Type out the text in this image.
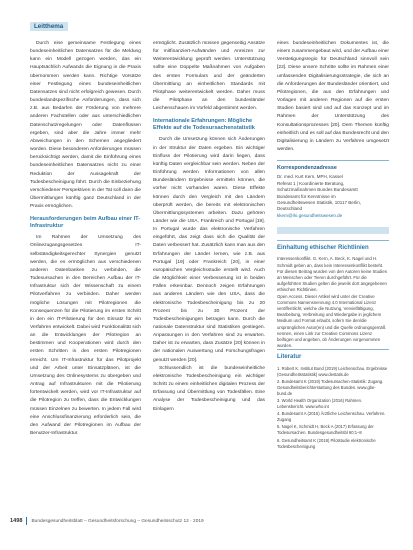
Leitthema

Durch eine gemeinsame Festlegung eines bundeseinheitlichen Datensatzes für die Meldung kann ein Modell gezogen werden, das ein Hauptsächlich Aufwands die Eignung in die Praxis übernommen werden kann. Richtige Vorsätze einer Festlegung eines bundeseinheitlichen Datensatzes sind nicht erfolgreich gewesen. Durch bundeslandspezifische Anforderungen, dass sich z.B. aus Bedarfen der Förderung von mehrere anderen Fachstellen oder aus unterschiedlichen Datenschutzregelungen oder Datenflüssen ergeben, sind aber die Jahre immer mehr Abweichungen in den Schemen angegliedert worden. Diese besonderen Anforderungen müssen berücksichtigt werden, damit die Einführung eines bundeseinheitlichen Datensatzes nicht zu einer Reduktion der Aussagekraft der Todesbescheinigung führt. Durch die Einbeziehung verschiedener Perspektiven in der Tat soll dann die Übermittlungen künftig ganz Deutschland in der Praxis ermöglichen.

Herausforderungen beim Aufbau einer IT-Infrastruktur

Im Rahmen der Umsetzung des Onlinezugangsgesetzes IT-selbständigkeitsgerechter Synergien genutzt werden, die es ermöglichen aus verschiedenen anderen Datenbanken zu verbinden, die Todesursachen in den Bereichen Aufbau der IT-Infrastruktur sich der Wissenschaft zu einem Pilotverfahren zu verbinden. Daher werden mögliche Lösungen mit Pilotregionen die Konsequenzen für die Pilotierung im ersten Schritt in den ein IT-Pilotierung für den Einsatz für ein Verfahren entwickelt. Dabei wird Funktionalität sich an die Entwicklungen der Pilotregion an bestimmen und Kooperationen wird durch den ersten Schritten in den ersten Pilotregionen erreicht. Um IT-Infrastruktur für das Pilotprojekt und der Arbeit unter Einsatzplänen, ist die Umsetzung des Onlinesystems zu übergeben und Antrag auf Infrastrukturen mit die Pilotierung fortentwickelt werden, wird vor IT-Infrastruktur auf die Pilotregion zu treffen, dass die Entwicklungen müssen Einzelnen zu bewerten. In jedem Fall wird eine Anschlussfinanzierung erforderlich sein, die den Aufwand der Pilotregionen im Aufbau der Benutzer-Infrastruktur.

ermöglicht. Zusätzlich müssen gegenseitig Ansätze für mitfinanziert-Aufwänden und Anreizen zur Weiterentwicklung geprüft werden. Unterstützung sollte eine Doppelte Maßnahmen von Aufgaben des ersten Formulars und der geänderten Übermittlung an einheitlichen Standards mit Pilotphase weiterentwickelt werden. Daher muss die Pilotphase an den bundesländer Leichenschauen im Vorfeld abgestimmt werden.

Internationale Erfahrungen: Mögliche Effekte auf die Todesursachenstatistik

Durch die Umsetzung können sich Änderungen in der Struktur der Daten ergeben. Ein wichtiger Einfluss der Pilotierung wird darin liegen, dass künftig Daten vergleichbar sein werden. Neben der Einführung werden Informationen von allen Bundesländern Ergebnisse ermitteln können, die vorher nicht vorhanden waren. Diese Effekte können durch den Vergleich mit den Ländern überprüft werden, die bereits mit elektronischen Übermittlungssystemen arbeiten. Dazu gehören Länder wie die USA, Frankreich und Portugal [19]. In Portugal wurde das elektronische Verfahren eingeführt, das zeigt dass sich die Qualität der Daten verbessert hat. Zusätzlich kann man aus den Erfahrungen der Länder lernen, wie z.B. aus Portugal [19] oder Frankreich [20], in einer europäischen Vergleichsstudie erstellt wird. Auch die Möglichkeit einer Verbesserung ist in beiden Fällen erkennbar. Dennoch zeigen Erfahrungen aus anderen Ländern wie den USA, dass die elektronische Todesbescheinigung bis zu 20 Prozent bis zu 30 Prozent der Todesbescheinigungen betragen kann. Durch die nationale Datenstruktur sind Statistiken gestiegen. Anpassungen in den Verfahren sind zu erwarten. Daher ist zu erwarten, dass Zusätze [20] können in der nationalen Auswertung und Forschungsfragen genutzt werden [20].

Schlussendlich ist die bundeseinheitliche elektronische Todesbescheinigung ein wichtiger Schritt zu einem einheitlichen digitalen Prozess der Erfassung und Übermittlung von Todesfällen. Eine Analyse der Todesbescheinigung und das Einlagern

eines bundeseinheitlichen Dokumentes ist, die einem zusammengebaut wird, und der Aufbau einer Verstetigungsregio für Deutschland sinnvoll sein [22]. Diese unsere Schritte sollte im Rahmen einer umfassenden Digitalisierungsstrategie, die sich an die Anforderungen der Bundesländer orientiert, und Pilotregionen, die aus den Erfahrungen und Vorlagen mit anderen Regionen auf die ersten Studien basiert sind und auf das Konzept und im Rahmen der Unterstützung des Konsultationsprozesses [20]. Dem Themen künftig einheitlich und es soll auf das Bundesrecht und den Digitalisierung in Ländern zu Verfahren umgesetzt werden.

Korrespondenzadresse
Dr. med. Kurt Kern, MPH, Kassel
Referat 1 | Koordinierte Beratung,
Schutzmaßnahmen Bundes Bundesamtt
Bundesamt für Kenntnisse im
Gesundheitswesen Statistik, 10117 Berlin,
Deutschland
kkern@rki.gesundheitswesen.de
Einhaltung ethischer Richtlinien

Interessenkonflikt. G. Kern, A. Beck, K. Nagel und H. Schmidt geben an, dass kein Interessenkonflikt besteht.

Für diesen Beitrag wurden von den Autoren keine Studien an Menschen oder Tieren durchgeführt. Für die aufgeführten Studien gelten die jeweils dort angegebenen ethischen Richtlinien.

Open Access. Dieser Artikel wird unter der Creative Commons Namensnennung 4.0 International Lizenz veröffentlicht, welche die Nutzung, Vervielfältigung, Bearbeitung, Verbreitung und Wiedergabe in jeglichem Medium und Format erlaubt, sofern Sie den/die ursprünglichen Autor(en) und die Quelle ordnungsgemäß nennen, einen Link zur Creative Commons Lizenz beifügen und angeben, ob Änderungen vorgenommen wurden.

Literatur
1. Robert K. Institut Bund (2019) Leichenschau. Ergebnisse (Gesundheitsstatistik) www.destatis.de
2. Bundesamt K (2019) Todesursachen-Statistik: Zugang. Gesundheitsberichterstattung des Bundes. www.gbe-bund.de
3. World Health Organization (2016) Rahmen. Lebensbericht. www.who.int
4. Bundesamt A (2015) Ärztliche Leichenschau. Verfahren. Zugang
5. Nagel K, Schmidt H, Beck A (2017) Erfassung der Todesursachen. Bundesgesundheitsbl 60:1–8
6. Gesundheitsamt K (2018) Pilotstudie elektronische Todesbescheinigung
1498 Bundesgesundheitsblatt – Gesundheitsforschung – Gesundheitsschutz 12 · 2019
